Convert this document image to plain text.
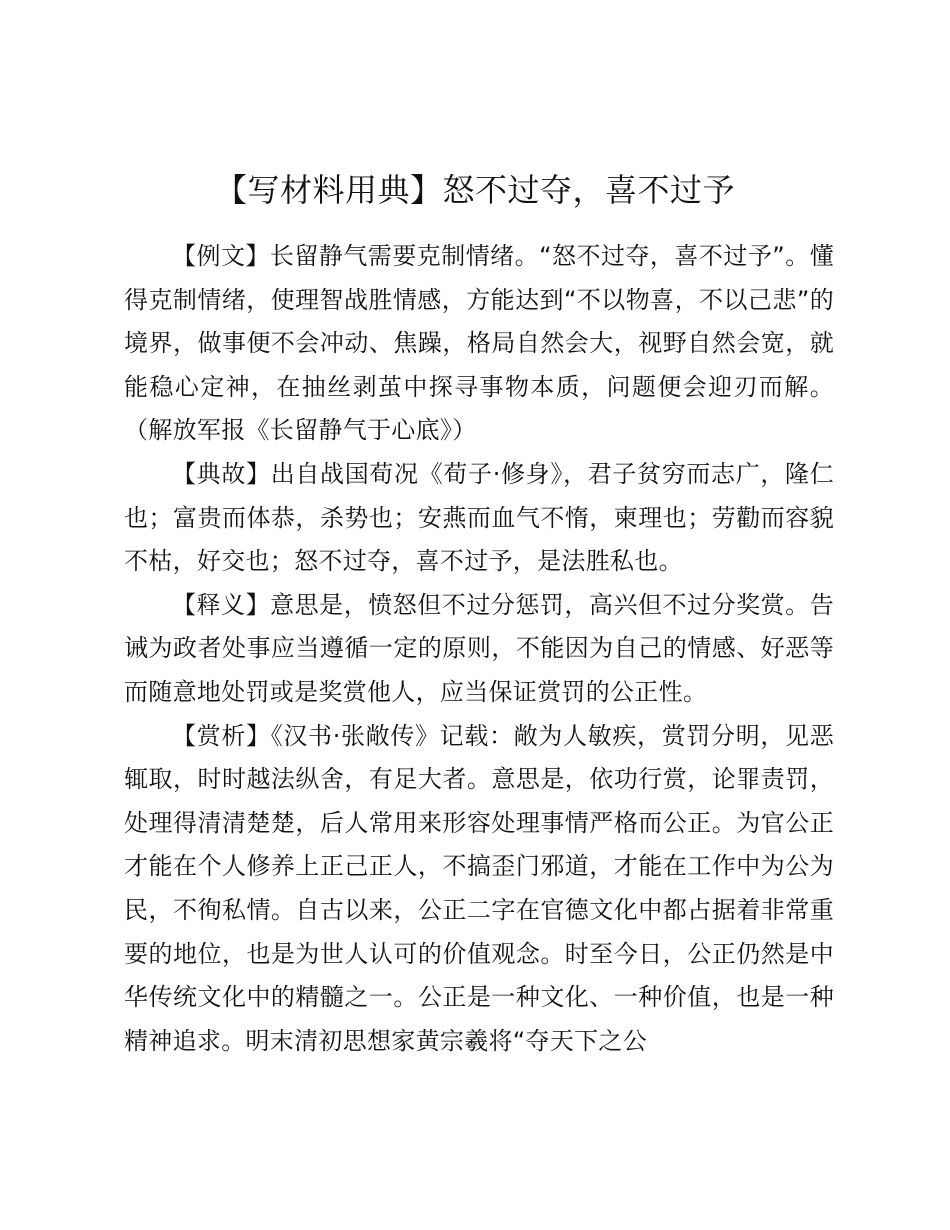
【写材料用典】怒不过夺，喜不过予

【例文】长留静气需要克制情绪。“怒不过夺，喜不过予”。懂得克制情绪，使理智战胜情感，方能达到“不以物喜，不以己悲”的境界，做事便不会冲动、焦躁，格局自然会大，视野自然会宽，就能稳心定神，在抽丝剥茧中探寻事物本质，问题便会迎刃而解。（解放军报《长留静气于心底》）

【典故】出自战国荀况《荀子·修身》，君子贫穷而志广，隆仁也；富贵而体恭，杀势也；安燕而血气不惰，柬理也；劳勸而容貌不枯，好交也；怒不过夺，喜不过予，是法胜私也。

【释义】意思是，愤怒但不过分惩罚，高兴但不过分奖赏。告诫为政者处事应当遵循一定的原则，不能因为自己的情感、好恶等而随意地处罚或是奖赏他人，应当保证赏罚的公正性。

【赏析】《汉书·张敞传》记载：敞为人敏疾，赏罚分明，见恶辄取，时时越法纵舍，有足大者。意思是，依功行赏，论罪责罚，处理得清清楚楚，后人常用来形容处理事情严格而公正。为官公正才能在个人修养上正己正人，不搞歪门邪道，才能在工作中为公为民，不徇私情。自古以来，公正二字在官德文化中都占据着非常重要的地位，也是为世人认可的价值观念。时至今日，公正仍然是中华传统文化中的精髓之一。公正是一种文化、一种价值，也是一种精神追求。明末清初思想家黄宗羲将“夺天下之公
